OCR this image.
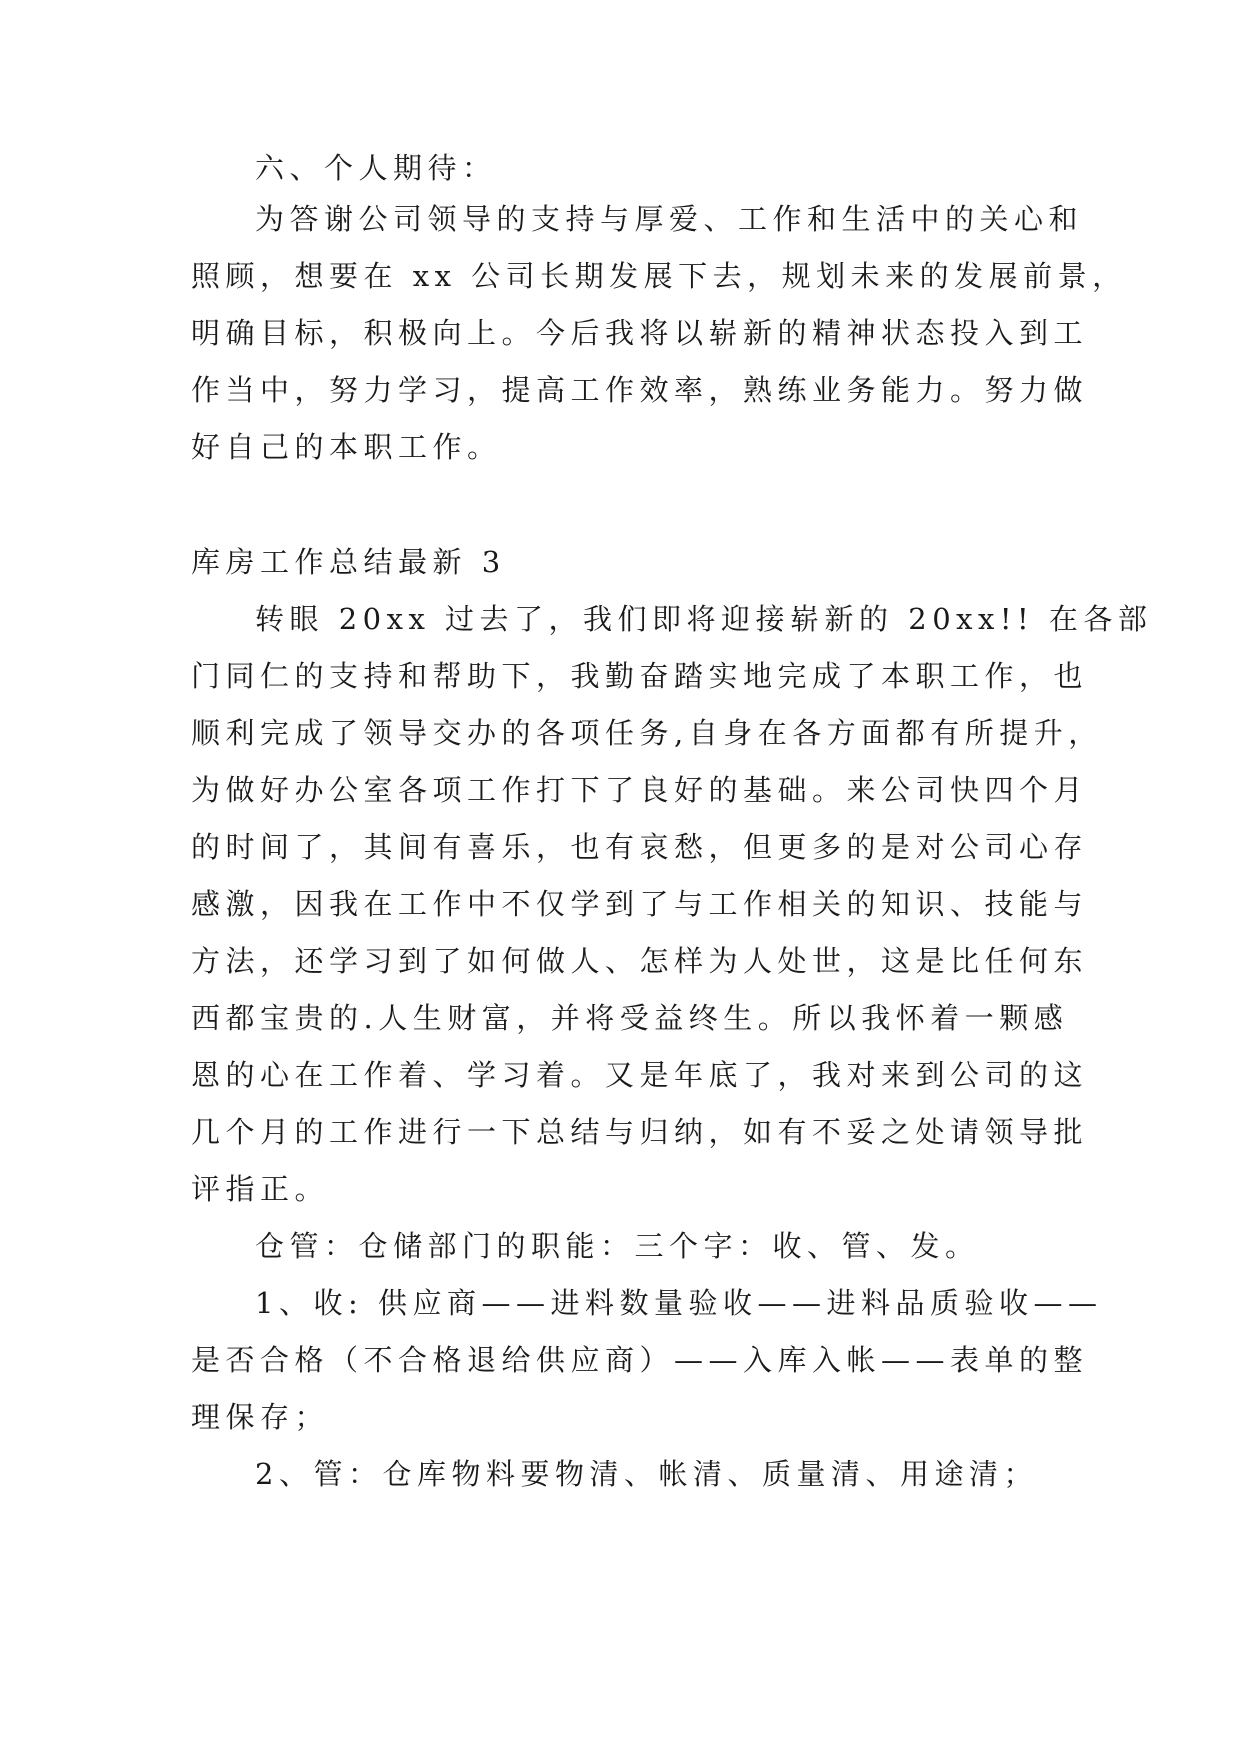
六、个人期待：
为答谢公司领导的支持与厚爱、工作和生活中的关心和
照顾，想要在 xx 公司长期发展下去，规划未来的发展前景，
明确目标，积极向上。今后我将以崭新的精神状态投入到工
作当中，努力学习，提高工作效率，熟练业务能力。努力做
好自己的本职工作。
库房工作总结最新 3
转眼 20xx 过去了，我们即将迎接崭新的 20xx!! 在各部
门同仁的支持和帮助下，我勤奋踏实地完成了本职工作，也
顺利完成了领导交办的各项任务,自身在各方面都有所提升，
为做好办公室各项工作打下了良好的基础。来公司快四个月
的时间了，其间有喜乐，也有哀愁，但更多的是对公司心存
感激，因我在工作中不仅学到了与工作相关的知识、技能与
方法，还学习到了如何做人、怎样为人处世，这是比任何东
西都宝贵的.人生财富，并将受益终生。所以我怀着一颗感
恩的心在工作着、学习着。又是年底了，我对来到公司的这
几个月的工作进行一下总结与归纳，如有不妥之处请领导批
评指正。
仓管：仓储部门的职能：三个字：收、管、发。
1、收: 供应商——进料数量验收——进料品质验收——
是否合格（不合格退给供应商）——入库入帐——表单的整
理保存；
2、管：仓库物料要物清、帐清、质量清、用途清；
